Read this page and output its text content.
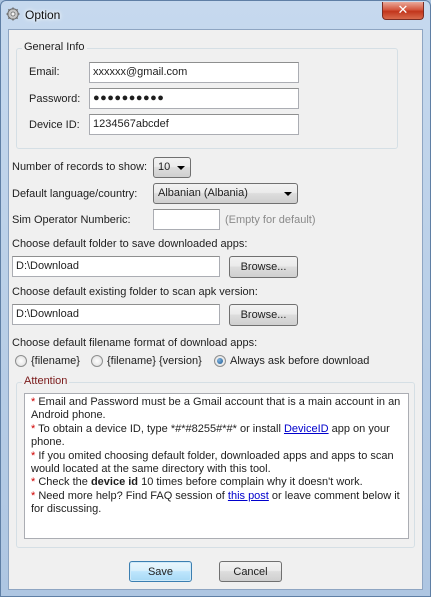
Option	✕
General Info
Email:	xxxxxx@gmail.com
Password:	●●●●●●●●●●
Device ID:	1234567abcdef
Number of records to show: 10
Default language/country:	Albanian (Albania)
Sim Operator Numberic:	(Empty for default)
Choose default folder to save downloaded apps:
D:\Download	Browse...
Choose default existing folder to scan apk version:
D:\Download	Browse...
Choose default filename format of download apps:
{filename} {filename} {version}	Always ask before download
Attention

* Email and Password must be a Gmail account that is a main account in an Android phone.

* To obtain a device ID, type *#*#8255#*#* or install DeviceID app on your phone.

* If you omited choosing default folder, downloaded apps and apps to scan would located at the same directory with this tool.

* Check the device id 10 times before complain why it doesn't work.

* Need more help? Find FAQ session of this post or leave comment below it for discussing.

Save	Cancel
